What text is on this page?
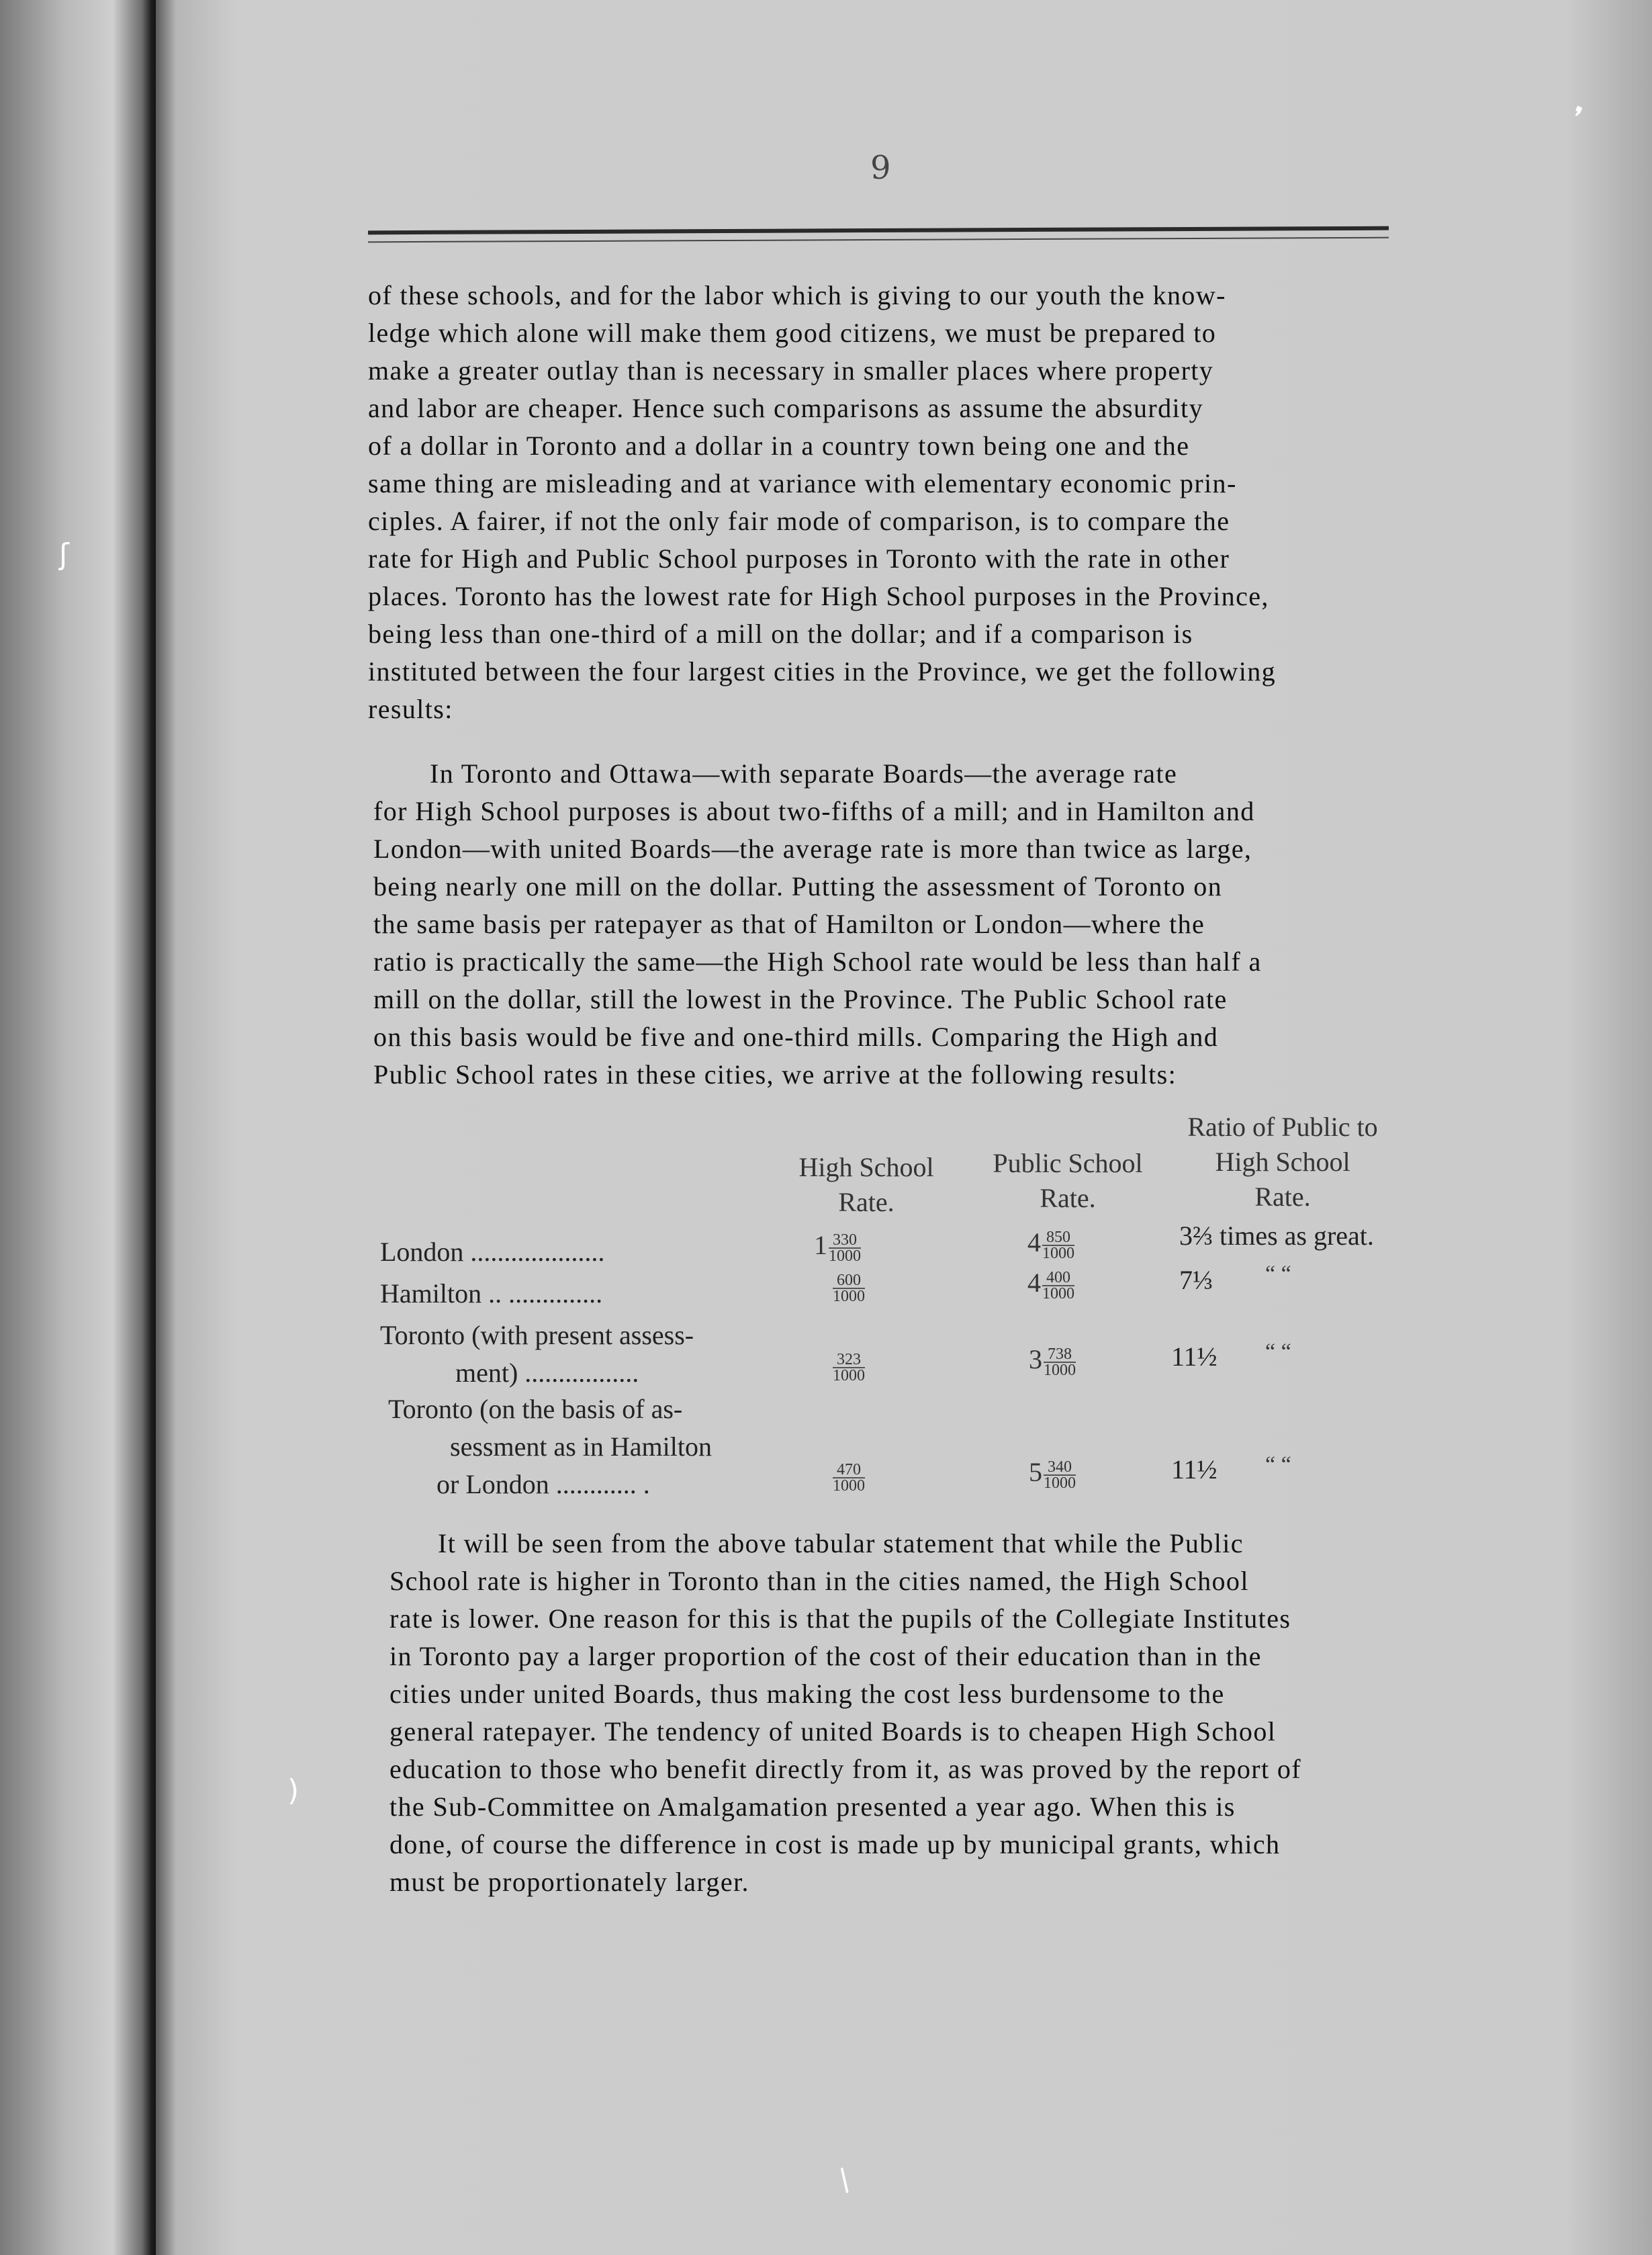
9
of these schools, and for the labor which is giving to our youth the know-
ledge which alone will make them good citizens, we must be prepared to
make a greater outlay than is necessary in smaller places where property
and labor are cheaper. Hence such comparisons as assume the absurdity
of a dollar in Toronto and a dollar in a country town being one and the
same thing are misleading and at variance with elementary economic prin-
ciples. A fairer, if not the only fair mode of comparison, is to compare the
rate for High and Public School purposes in Toronto with the rate in other
places. Toronto has the lowest rate for High School purposes in the Province,
being less than one-third of a mill on the dollar; and if a comparison is
instituted between the four largest cities in the Province, we get the following
results:
In Toronto and Ottawa—with separate Boards—the average rate
for High School purposes is about two-fifths of a mill; and in Hamilton and
London—with united Boards—the average rate is more than twice as large,
being nearly one mill on the dollar. Putting the assessment of Toronto on
the same basis per ratepayer as that of Hamilton or London—where the
ratio is practically the same—the High School rate would be less than half a
mill on the dollar, still the lowest in the Province. The Public School rate
on this basis would be five and one-third mills. Comparing the High and
Public School rates in these cities, we arrive at the following results:
High School
Rate.
Public School
Rate.
Ratio of Public to
High School
Rate.
London ....................	$1 \frac{330}{1000}$	$4 \frac{850}{1000}$	3⅔ times as great.
Hamilton .. ..............	$\frac{600}{1000}$	$4 \frac{400}{1000}$	7⅓ “ “
Toronto (with present assess-
ment) .................	$\frac{323}{1000}$	$3 \frac{738}{1000}$	11½ “ “
Toronto (on the basis of as-
sessment as in Hamilton
or London ............ .	$\frac{470}{1000}$	$5 \frac{340}{1000}$	11½ “ “
It will be seen from the above tabular statement that while the Public
School rate is higher in Toronto than in the cities named, the High School
rate is lower. One reason for this is that the pupils of the Collegiate Institutes
in Toronto pay a larger proportion of the cost of their education than in the
cities under united Boards, thus making the cost less burdensome to the
general ratepayer. The tendency of united Boards is to cheapen High School
education to those who benefit directly from it, as was proved by the report of
the Sub-Committee on Amalgamation presented a year ago. When this is
done, of course the difference in cost is made up by municipal grants, which
must be proportionately larger.
❜
ʃ
)
/
